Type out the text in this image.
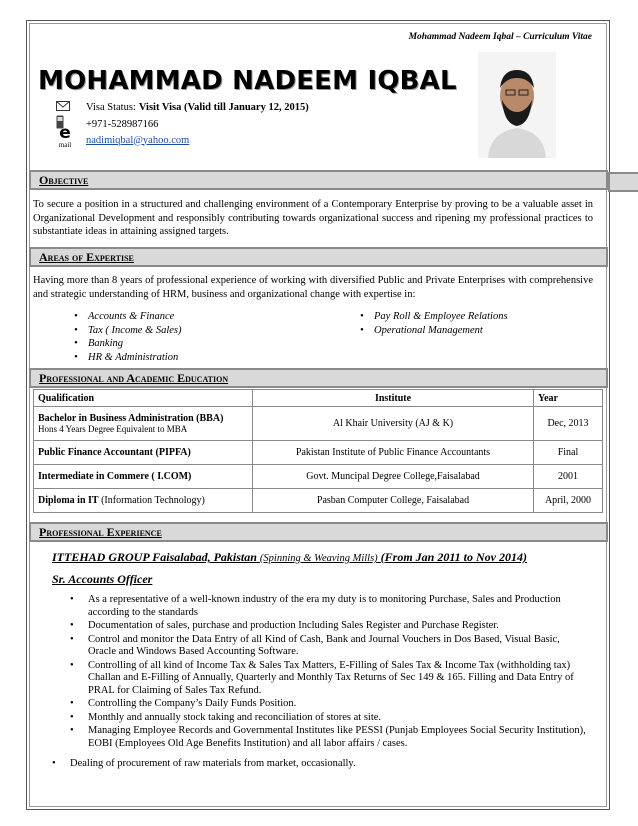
Mohammad Nadeem Iqbal – Curriculum Vitae
MOHAMMAD NADEEM IQBAL
Visa Status: Visit Visa (Valid till January 12, 2015)
+971-528987166
e
mail	nadimiqbal@yahoo.com
Objective
To secure a position in a structured and challenging environment of a Contemporary Enterprise by proving to be a valuable asset in Organizational Development and responsibly contributing towards organizational success and ripening my professional practices to substantiate ideas in attaining assigned targets.
Areas of Expertise
Having more than 8 years of professional experience of working with diversified Public and Private Enterprises with comprehensive and strategic understanding of HRM, business and organizational change with expertise in:
• Accounts & Finance
• Tax ( Income & Sales)
• Banking
• HR & Administration
• Pay Roll & Employee Relations
• Operational Management
Professional and Academic Education
Qualification	Institute	Year
Bachelor in Business Administration (BBA)
Hons 4 Years Degree Equivalent to MBA	Al Khair University (AJ & K)	Dec, 2013
Public Finance Accountant (PIPFA)	Pakistan Institute of Public Finance Accountants	Final
Intermediate in Commere ( I.COM)	Govt. Muncipal Degree College,Faisalabad	2001
Diploma in IT (Information Technology)	Pasban Computer College, Faisalabad	April, 2000
Professional Experience
ITTEHAD GROUP Faisalabad, Pakistan (Spinning & Weaving Mills) (From Jan 2011 to Nov 2014)
Sr. Accounts Officer
• As a representative of a well-known industry of the era my duty is to monitoring Purchase, Sales and Production according to the standards
• Documentation of sales, purchase and production Including Sales Register and Purchase Register.
• Control and monitor the Data Entry of all Kind of Cash, Bank and Journal Vouchers in Dos Based, Visual Basic, Oracle and Windows Based Accounting Software.
• Controlling of all kind of Income Tax & Sales Tax Matters, E-Filling of Sales Tax & Income Tax (withholding tax) Challan and E-Filling of Annually, Quarterly and Monthly Tax Returns of Sec 149 & 165. Filling and Data Entry of PRAL for Claiming of Sales Tax Refund.
• Controlling the Company’s Daily Funds Position.
• Monthly and annually stock taking and reconciliation of stores at site.
• Managing Employee Records and Governmental Institutes like PESSI (Punjab Employees Social Security Institution), EOBI (Employees Old Age Benefits Institution) and all labor affairs / cases.
• Dealing of procurement of raw materials from market, occasionally.
